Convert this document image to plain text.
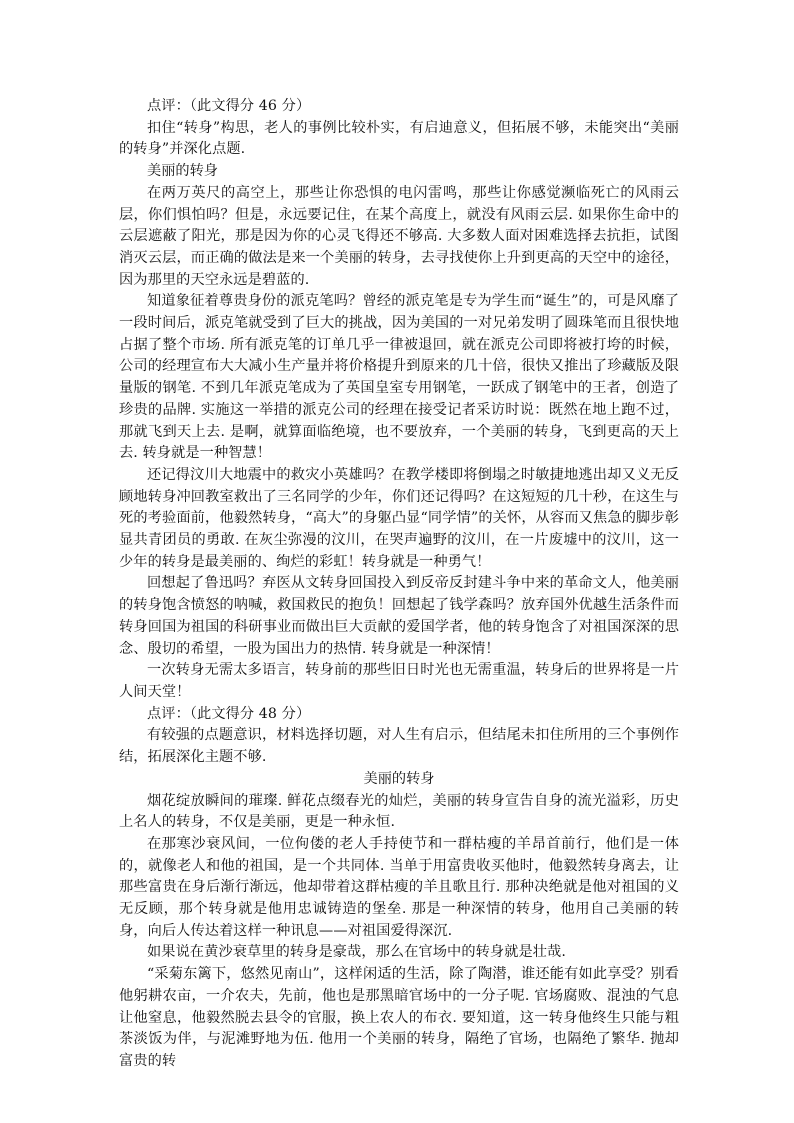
点评：（此文得分 46 分）

扣住“转身”构思，老人的事例比较朴实，有启迪意义，但拓展不够，未能突出“美丽的转身”并深化点题.

美丽的转身

在两万英尺的高空上，那些让你恐惧的电闪雷鸣，那些让你感觉濒临死亡的风雨云层，你们惧怕吗？但是，永远要记住，在某个高度上，就没有风雨云层. 如果你生命中的云层遮蔽了阳光，那是因为你的心灵飞得还不够高. 大多数人面对困难选择去抗拒，试图消灭云层，而正确的做法是来一个美丽的转身，去寻找使你上升到更高的天空中的途径，因为那里的天空永远是碧蓝的.

知道象征着尊贵身份的派克笔吗？曾经的派克笔是专为学生而“诞生”的，可是风靡了一段时间后，派克笔就受到了巨大的挑战，因为美国的一对兄弟发明了圆珠笔而且很快地占据了整个市场. 所有派克笔的订单几乎一律被退回，就在派克公司即将被打垮的时候，公司的经理宣布大大减小生产量并将价格提升到原来的几十倍，很快又推出了珍藏版及限量版的钢笔. 不到几年派克笔成为了英国皇室专用钢笔，一跃成了钢笔中的王者，创造了珍贵的品牌. 实施这一举措的派克公司的经理在接受记者采访时说：既然在地上跑不过，那就飞到天上去. 是啊，就算面临绝境，也不要放弃，一个美丽的转身，飞到更高的天上去. 转身就是一种智慧！

还记得汶川大地震中的救灾小英雄吗？在教学楼即将倒塌之时敏捷地逃出却又义无反顾地转身冲回教室救出了三名同学的少年，你们还记得吗？在这短短的几十秒，在这生与死的考验面前，他毅然转身，“高大”的身躯凸显“同学情”的关怀，从容而又焦急的脚步彰显共青团员的勇敢. 在灰尘弥漫的汶川，在哭声遍野的汶川，在一片废墟中的汶川，这一少年的转身是最美丽的、绚烂的彩虹！转身就是一种勇气！

回想起了鲁迅吗？弃医从文转身回国投入到反帝反封建斗争中来的革命文人，他美丽的转身饱含愤怒的呐喊，救国救民的抱负！回想起了钱学森吗？放弃国外优越生活条件而转身回国为祖国的科研事业而做出巨大贡献的爱国学者，他的转身饱含了对祖国深深的思念、殷切的希望，一股为国出力的热情. 转身就是一种深情！

一次转身无需太多语言，转身前的那些旧日时光也无需重温，转身后的世界将是一片人间天堂！

点评：（此文得分 48 分）

有较强的点题意识，材料选择切题，对人生有启示，但结尾未扣住所用的三个事例作结，拓展深化主题不够.

美丽的转身

烟花绽放瞬间的璀璨. 鲜花点缀春光的灿烂，美丽的转身宣告自身的流光溢彩，历史上名人的转身，不仅是美丽，更是一种永恒.

在那寒沙衰风间，一位佝偻的老人手持使节和一群枯瘦的羊昂首前行，他们是一体的，就像老人和他的祖国，是一个共同体. 当单于用富贵收买他时，他毅然转身离去，让那些富贵在身后渐行渐远，他却带着这群枯瘦的羊且歌且行. 那种决绝就是他对祖国的义无反顾，那个转身就是他用忠诚铸造的堡垒. 那是一种深情的转身，他用自己美丽的转身，向后人传达着这样一种讯息——对祖国爱得深沉.

如果说在黄沙衰草里的转身是豪哉，那么在官场中的转身就是壮哉.

“采菊东篱下，悠然见南山”，这样闲适的生活，除了陶潜，谁还能有如此享受？别看他躬耕农亩，一介农夫，先前，他也是那黑暗官场中的一分子呢. 官场腐败、混浊的气息让他窒息，他毅然脱去县令的官服，换上农人的布衣. 要知道，这一转身他终生只能与粗茶淡饭为伴，与泥滩野地为伍. 他用一个美丽的转身，隔绝了官场，也隔绝了繁华. 抛却富贵的转
